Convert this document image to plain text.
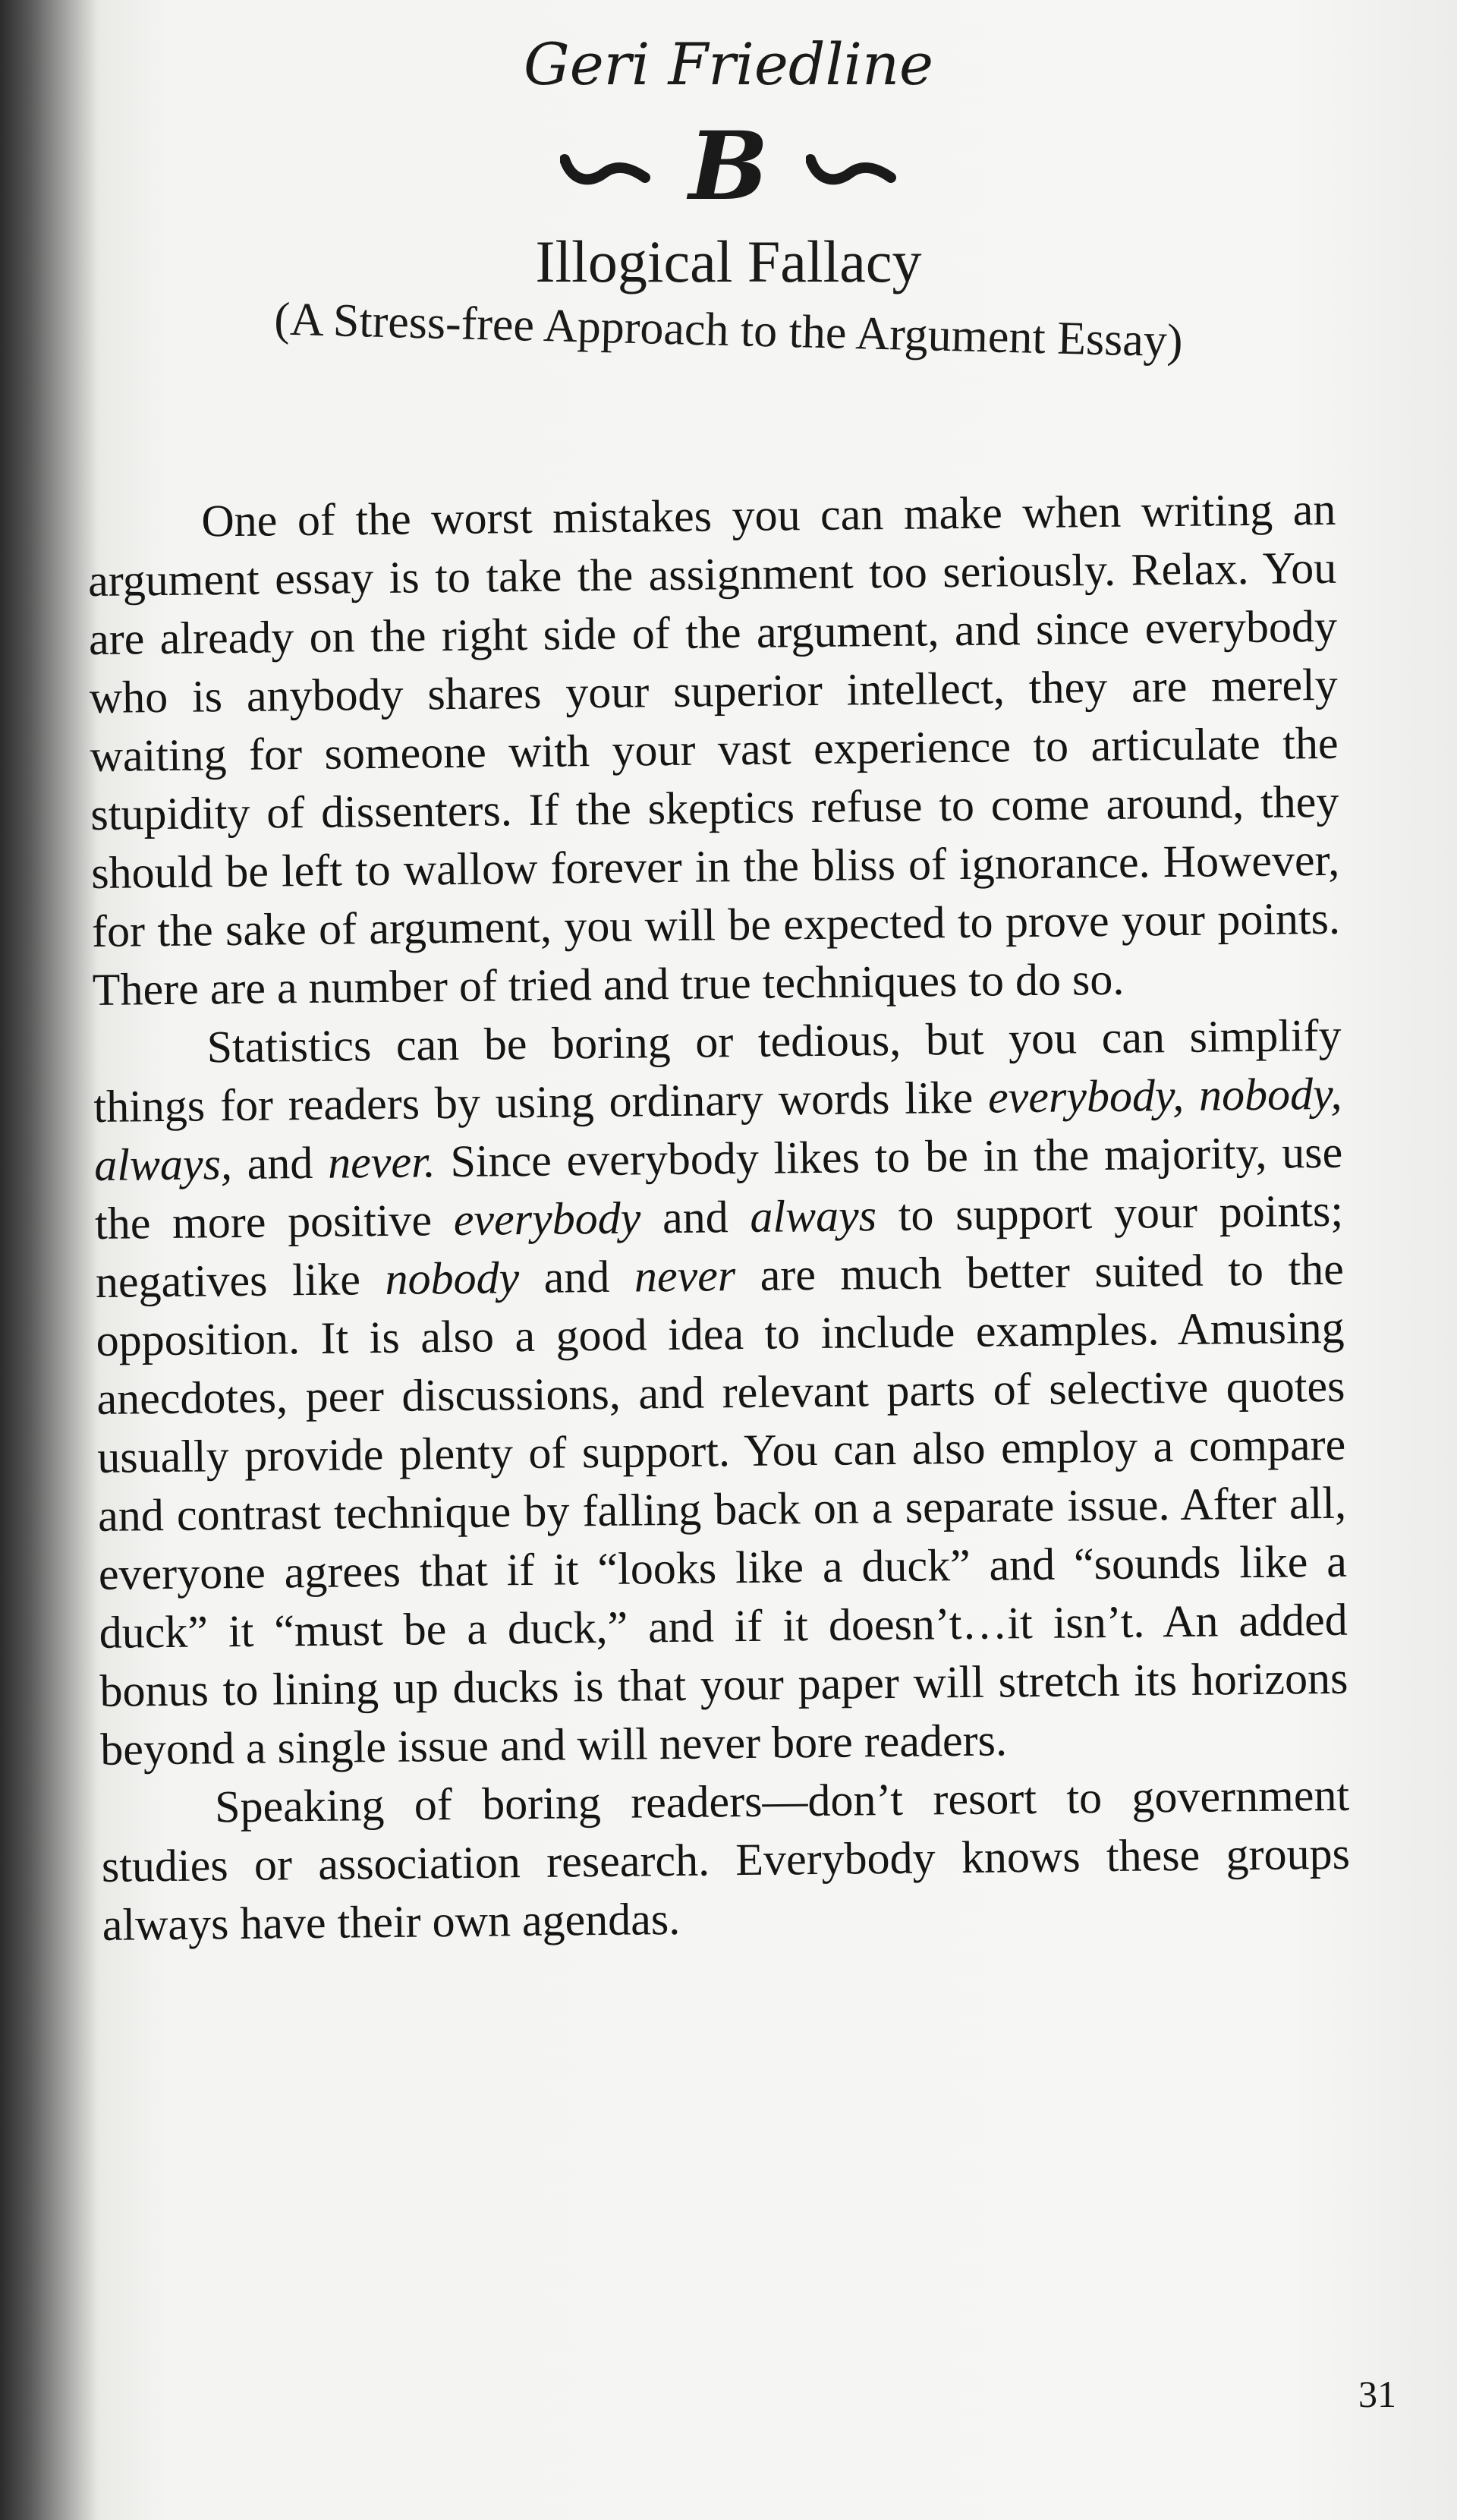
Geri Friedline
B
Illogical Fallacy
(A Stress-free Approach to the Argument Essay)

One of the worst mistakes you can make when writing an argument essay is to take the assignment too seriously. Relax. You are already on the right side of the argument, and since everybody who is anybody shares your superior intellect, they are merely waiting for someone with your vast experience to articulate the stupidity of dissenters. If the skeptics refuse to come around, they should be left to wallow forever in the bliss of ignorance. However, for the sake of argument, you will be expected to prove your points. There are a number of tried and true techniques to do so.

Statistics can be boring or tedious, but you can simplify things for readers by using ordinary words like everybody, nobody, always, and never. Since everybody likes to be in the majority, use the more positive everybody and always to support your points; negatives like nobody and never are much better suited to the opposition. It is also a good idea to include examples. Amusing anecdotes, peer discussions, and relevant parts of selective quotes usually provide plenty of support. You can also employ a compare and contrast technique by falling back on a separate issue. After all, everyone agrees that if it “looks like a duck” and “sounds like a duck” it “must be a duck,” and if it doesn’t…it isn’t. An added bonus to lining up ducks is that your paper will stretch its horizons beyond a single issue and will never bore readers.

Speaking of boring readers—don’t resort to government studies or association research. Everybody knows these groups always have their own agendas.

31
